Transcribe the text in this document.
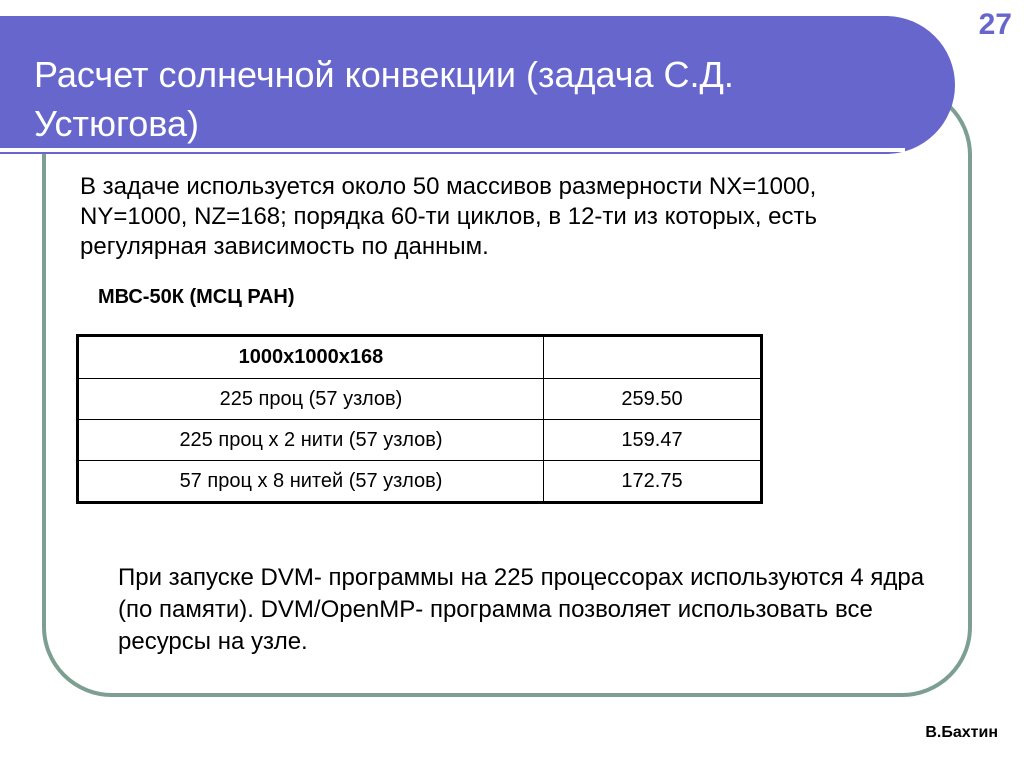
Расчет солнечной конвекции (задача С.Д. Устюгова)
27

В задаче используется около 50 массивов размерности NX=1000, NY=1000, NZ=168; порядка 60-ти циклов, в 12-ти из которых, есть регулярная зависимость по данным.

МВС-50К (МСЦ РАН)

1000x1000x168	
225 проц (57 узлов)	259.50
225 проц х 2 нити (57 узлов)	159.47
57 проц х 8 нитей (57 узлов)	172.75

При запуске DVM- программы на 225 процессорах используются 4 ядра (по памяти). DVM/OpenMP- программа позволяет использовать все ресурсы на узле.

В.Бахтин
